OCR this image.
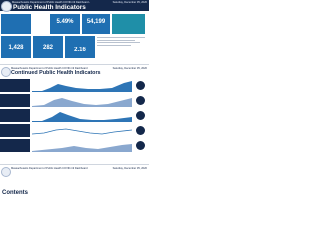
Massachusetts Department of Public Health COVID-19 Dashboard -	Saturday, December 05, 2020
Public Health Indicators
5.49%	54,199
1,428	282	2.16
Massachusetts Department of Public Health COVID-19 Dashboard	Saturday, December 05, 2020
Continued Public Health Indicators
Massachusetts Department of Public Health COVID-19 Dashboard	Saturday, December 05, 2020
Contents
